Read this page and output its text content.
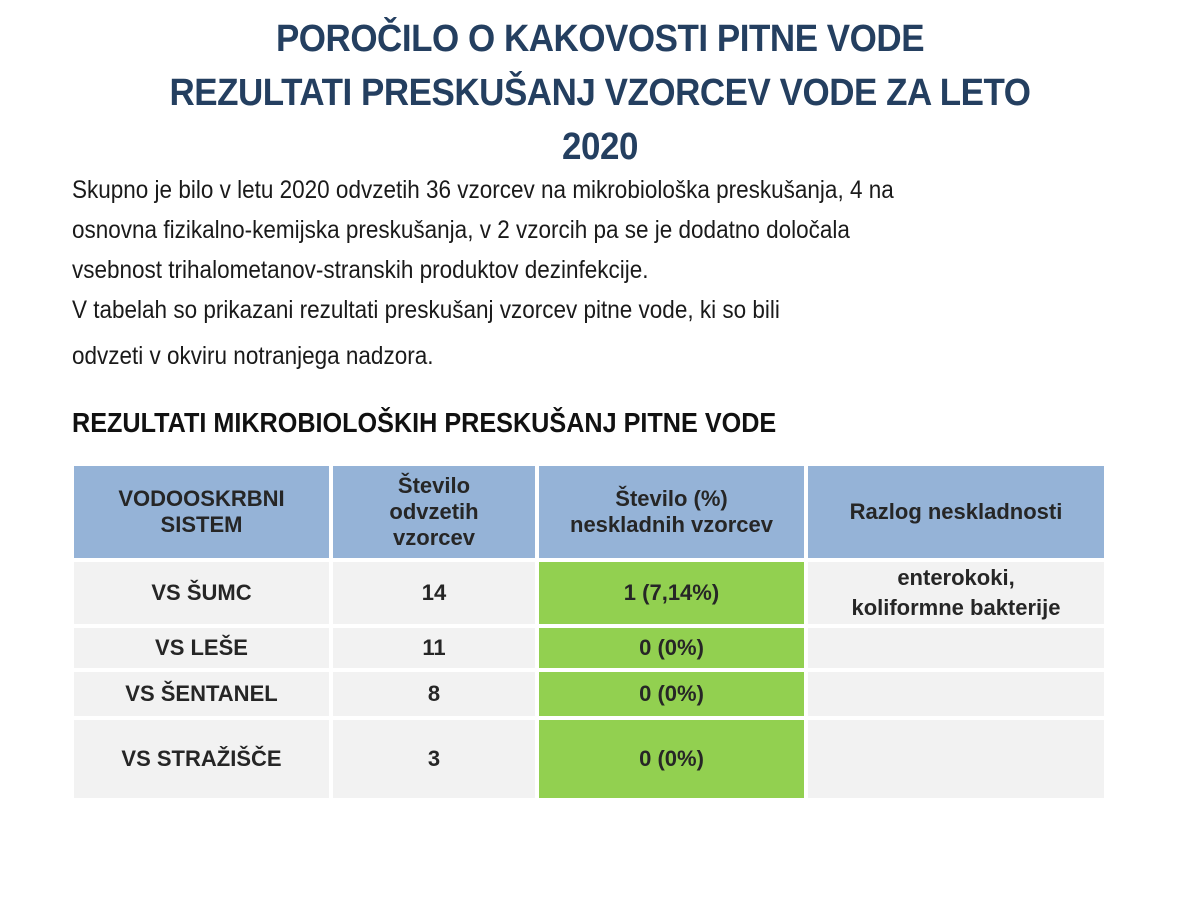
POROČILO O KAKOVOSTI PITNE VODE
REZULTATI PRESKUŠANJ VZORCEV VODE ZA LETO
2020
Skupno je bilo v letu 2020 odvzetih 36 vzorcev na mikrobiološka preskušanja, 4 na
osnovna fizikalno-kemijska preskušanja, v 2 vzorcih pa se je dodatno določala
vsebnost trihalometanov-stranskih produktov dezinfekcije.
V tabelah so prikazani rezultati preskušanj vzorcev pitne vode, ki so bili
odvzeti v okviru notranjega nadzora.
REZULTATI MIKROBIOLOŠKIH PRESKUŠANJ PITNE VODE
VODOOSKRBNI
SISTEM	Število
odvzetih
vzorcev	Število (%)
neskladnih vzorcev	Razlog neskladnosti
VS ŠUMC	14	1 (7,14%)	enterokoki,
koliformne bakterije

VS LEŠE	11	0 (0%)	
VS ŠENTANEL	8	0 (0%)	
VS STRAŽIŠČE	3	0 (0%)	
